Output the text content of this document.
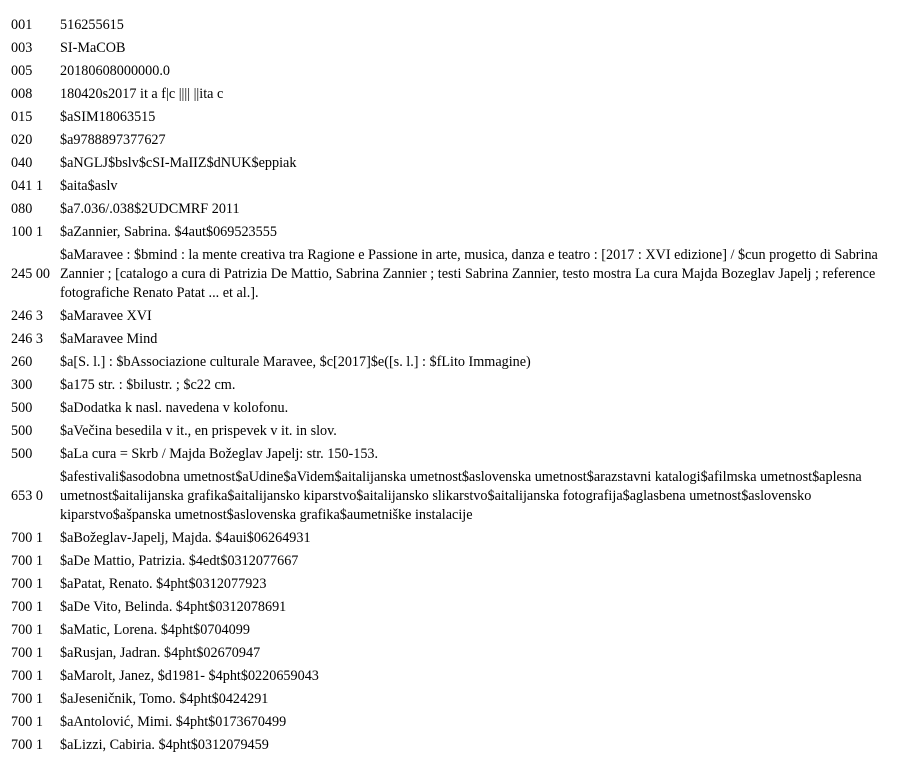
001	516255615
003	SI-MaCOB
005	20180608000000.0
008	180420s2017 it a f|c |||| ||ita c
015	$aSIM18063515
020	$a9788897377627
040	$aNGLJ$bslv$cSI-MaIIZ$dNUK$eppiak
041 1	$aita$aslv
080	$a7.036/.038$2UDCMRF 2011
100 1	$aZannier, Sabrina. $4aut$069523555
245 00	$aMaravee : $bmind : la mente creativa tra Ragione e Passione in arte, musica, danza e teatro : [2017 : XVI edizione] / $cun progetto di Sabrina Zannier ; [catalogo a cura di Patrizia De Mattio, Sabrina Zannier ; testi Sabrina Zannier, testo mostra La cura Majda Bozeglav Japelj ; reference fotografiche Renato Patat ... et al.].
246 3	$aMaravee XVI
246 3	$aMaravee Mind
260	$a[S. l.] : $bAssociazione culturale Maravee, $c[2017]$e([s. l.] : $fLito Immagine)
300	$a175 str. : $bilustr. ; $c22 cm.
500	$aDodatka k nasl. navedena v kolofonu.
500	$aVečina besedila v it., en prispevek v it. in slov.
500	$aLa cura = Skrb / Majda Božeglav Japelj: str. 150-153.
653 0	$afestivali$asodobna umetnost$aUdine$aVidem$aitalijanska umetnost$aslovenska umetnost$arazstavni katalogi$afilmska umetnost$aplesna umetnost$aitalijanska grafika$aitalijansko kiparstvo$aitalijansko slikarstvo$aitalijanska fotografija$aglasbena umetnost$aslovensko kiparstvo$ašpanska umetnost$aslovenska grafika$aumetniške instalacije
700 1	$aBožeglav-Japelj, Majda. $4aui$06264931
700 1	$aDe Mattio, Patrizia. $4edt$0312077667
700 1	$aPatat, Renato. $4pht$0312077923
700 1	$aDe Vito, Belinda. $4pht$0312078691
700 1	$aMatic, Lorena. $4pht$0704099
700 1	$aRusjan, Jadran. $4pht$02670947
700 1	$aMarolt, Janez, $d1981- $4pht$0220659043
700 1	$aJeseničnik, Tomo. $4pht$0424291
700 1	$aAntolović, Mimi. $4pht$0173670499
700 1	$aLizzi, Cabiria. $4pht$0312079459
